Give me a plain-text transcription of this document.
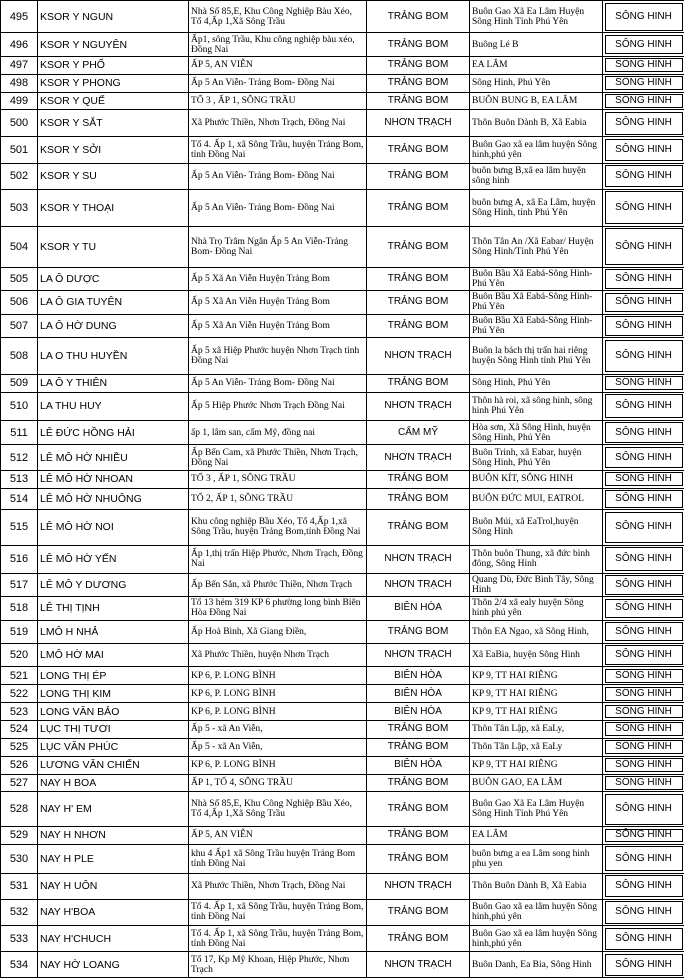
495	KSOR Y NGUN	Nhà Số 85,E, Khu Công Nghiệp Bàu Xéo, Tổ 4,Ấp 1,Xã Sông Trầu	TRẢNG BOM	Buôn Gao Xã Ea Lâm Huyện Sông Hinh Tỉnh Phú Yên	SÔNG HINH
496	KSOR Y NGUYÊN	Ấp1, sông Trầu, Khu công nghiệp bàu xéo, Đồng Nai	TRẢNG BOM	Buông Lé B	SÔNG HINH
497	KSOR Y PHỐ	ẤP 5, AN VIỄN	TRẢNG BOM	EA LÂM	SÔNG HINH
498	KSOR Y PHONG	Ấp 5 An Viễn- Trảng Bom- Đồng Nai	TRẢNG BOM	Sông Hinh, Phú Yên	SÔNG HINH
499	KSOR Y QUẾ	TỔ 3 , ẤP 1, SÔNG TRẦU	TRẢNG BOM	BUÔN BUNG B, EA LÂM	SÔNG HINH
500	KSOR Y SẮT	Xã Phước Thiền, Nhơn Trạch, Đồng Nai	NHƠN TRẠCH	Thôn Buôn Dành B, Xã Eabia	SÔNG HINH
501	KSOR Y SỞI	Tổ 4. Ấp 1, xã Sông Trầu, huyện Trảng Bom, tỉnh Đồng Nai	TRẢNG BOM	Buôn Gao xã ea lâm huyện Sông hinh,phú yên	SÔNG HINH
502	KSOR Y SU	Ấp 5 An Viễn- Trảng Bom- Đồng Nai	TRẢNG BOM	buôn bưng B,xã ea lâm huyện sông hinh	SÔNG HINH
503	KSOR Y THOẠI	Ấp 5 An Viễn- Trảng Bom- Đồng Nai	TRẢNG BOM	buôn bưng A, xã Ea Lâm, huyện Sông Hinh, tỉnh Phú Yên	SÔNG HINH
504	KSOR Y TU	Nhà Trọ Trâm Ngân Ấp 5 An Viễn-Trảng Bom- Đồng Nai	TRẢNG BOM	Thôn Tân An /Xã Eabar/ Huyện Sông Hinh/Tỉnh Phú Yên	SÔNG HINH
505	LA Ô DƯỢC	Ấp 5 Xã An Viễn Huyện Trảng Bom	TRẢNG BOM	Buôn Bầu Xã Eabá-Sông Hinh-Phú Yên	SÔNG HINH
506	LA Ô GIA TUYÊN	Ấp 5 Xã An Viễn Huyện Trảng Bom	TRẢNG BOM	Buôn Bầu Xã Eabá-Sông Hinh-Phú Yên	SÔNG HINH
507	LA Ô HỜ DUNG	Ấp 5 Xã An Viễn Huyện Trảng Bom	TRẢNG BOM	Buôn Bầu Xã Eabá-Sông Hinh-Phú Yên	SÔNG HINH
508	LA O THU HUYỀN	Ấp 5 xã Hiệp Phước huyện Nhơn Trạch tỉnh Đồng Nai	NHƠN TRẠCH	Buôn la bách thị trấn hai riêng huyện Sông Hinh tỉnh Phú Yên	SÔNG HINH
509	LA Ô Y THIÊN	Ấp 5 An Viễn- Trảng Bom- Đồng Nai	TRẢNG BOM	Sông Hinh, Phú Yên	SÔNG HINH
510	LA THU HUY	Ấp 5 Hiệp Phước Nhơn Trạch Đồng Nai	NHƠN TRẠCH	Thôn hà roi, xã sông hinh, sông hinh Phú Yên	SÔNG HINH
511	LÊ ĐỨC HỒNG HẢI	ấp 1, lâm san, cẩm Mỹ, đồng nai	CẨM MỸ	Hòa sơn, Xã Sông Hinh, huyện Sông Hinh, Phú Yên	SÔNG HINH
512	LÊ MÔ HỜ NHIỀU	Ấp Bến Cam, xã Phước Thiền, Nhơn Trạch, Đồng Nai	NHƠN TRẠCH	Buôn Trinh, xã Eabar, huyện Sông Hinh, Phú Yên	SÔNG HINH
513	LÊ MÔ HỜ NHOAN	TỔ 3 , ẤP 1, SÔNG TRẦU	TRẢNG BOM	BUÔN KÍT, SÔNG HINH	SÔNG HINH
514	LÊ MÔ HỜ NHUÔNG	TỔ 2, ẤP 1, SÔNG TRẦU	TRẢNG BOM	BUÔN ĐỨC MUI, EATROL	SÔNG HINH
515	LÊ MÔ HỜ NOI	Khu công nghiệp Bầu Xéo, Tổ 4,Ấp 1,xã Sông Trầu, huyện Trảng Bom,tỉnh Đồng Nai	TRẢNG BOM	Buôn Múi, xã EaTrol,huyện Sông Hinh	SÔNG HINH
516	LÊ MÔ HỜ YẾN	Ấp 1,thị trấn Hiệp Phước, Nhơn Trạch, Đồng Nai	NHƠN TRẠCH	Thôn buôn Thung, xã đức bình đông, Sông Hinh	SÔNG HINH
517	LÊ MÔ Y DƯƠNG	Ấp Bến Sắn, xã Phước Thiền, Nhơn Trạch	NHƠN TRẠCH	Quang Dù, Đức Bình Tây, Sông Hinh	SÔNG HINH
518	LÊ THỊ TỊNH	Tổ 13 hẻm 319 KP 6 phường long bình Biên Hòa Đồng Nai	BIÊN HÒA	Thôn 2/4 xã ealy huyện Sông hinh phú yên	SÔNG HINH
519	LMÔ H NHẢ	Ấp Hoà Bình, Xã Giang Điền,	TRẢNG BOM	Thôn EA Ngao, xã Sông Hinh,	SÔNG HINH
520	LMÔ HỜ MAI	Xã Phước Thiền, huyện Nhơn Trạch	NHƠN TRẠCH	Xã EaBia, huyện Sông Hinh	SÔNG HINH
521	LONG THỊ ÉP	KP 6, P. LONG BÌNH	BIÊN HÒA	KP 9, TT HAI RIÊNG	SÔNG HINH
522	LONG THỊ KIM	KP 6, P. LONG BÌNH	BIÊN HÒA	KP 9, TT HAI RIÊNG	SÔNG HINH
523	LONG VĂN BẢO	KP 6, P. LONG BÌNH	BIÊN HÒA	KP 9, TT HAI RIÊNG	SÔNG HINH
524	LỤC THỊ TƯƠI	Ấp 5 - xã An Viễn,	TRẢNG BOM	Thôn Tân Lập, xã EaLy,	SÔNG HINH
525	LỤC VĂN PHÚC	Ấp 5 - xã An Viễn,	TRẢNG BOM	Thôn Tân Lập, xã EaLy	SÔNG HINH
526	LƯƠNG VĂN CHIẾN	KP 6, P. LONG BÌNH	BIÊN HÒA	KP 9, TT HAI RIÊNG	SÔNG HINH
527	NAY H BOA	ẤP 1, TỔ 4, SÔNG TRẦU	TRẢNG BOM	BUÔN GAO, EA LÂM	SÔNG HINH
528	NAY H' EM	Nhà Số 85,E, Khu Công Nghiệp Bầu Xéo, Tổ 4,Ấp 1,Xã Sông Trầu	TRẢNG BOM	Buôn Gao Xã Ea Lâm Huyện Sông Hinh Tỉnh Phú Yên	SÔNG HINH
529	NAY H NHƠN	ẤP 5, AN VIỄN	TRẢNG BOM	EA LÂM	SÔNG HINH
530	NAY H PLE	khu 4 Ấp1 xã Sông Trầu huyện Trảng Bom tỉnh Đồng Nai	TRẢNG BOM	buôn bưng a ea Lâm song hinh phu yen	SÔNG HINH
531	NAY H UÔN	Xã Phước Thiền, Nhơn Trạch, Đồng Nai	NHƠN TRẠCH	Thôn Buôn Dành B, Xã Eabia	SÔNG HINH
532	NAY H'BOA	Tổ 4. Ấp 1, xã Sông Trầu, huyện Trảng Bom, tỉnh Đồng Nai	TRẢNG BOM	Buôn Gao xã ea lâm huyện Sông hinh,phú yên	SÔNG HINH
533	NAY H'CHUCH	Tổ 4. Ấp 1, xã Sông Trầu, huyện Trảng Bom, tỉnh Đồng Nai	TRẢNG BOM	Buôn Gao xã ea lâm huyện Sông hinh,phú yên	SÔNG HINH
534	NAY HỜ LOANG	Tổ 17, Kp Mỹ Khoan, Hiệp Phước, Nhơn Trạch	NHƠN TRẠCH	Buôn Danh, Ea Bia, Sông Hinh	SÔNG HINH
